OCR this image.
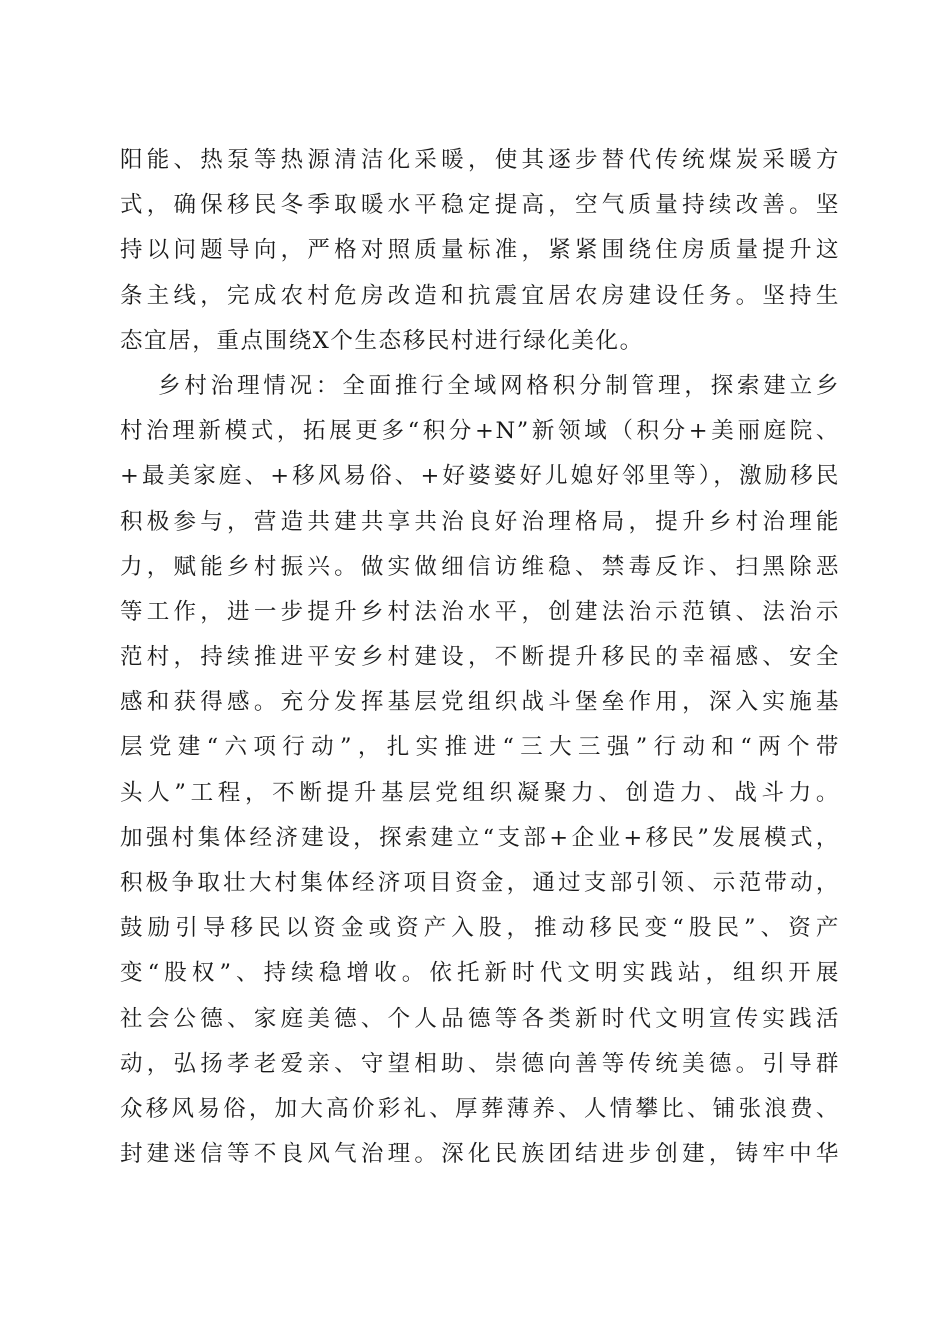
阳能、热泵等热源清洁化采暖，使其逐步替代传统煤炭采暖方
式，确保移民冬季取暖水平稳定提高，空气质量持续改善。坚
持以问题导向，严格对照质量标准，紧紧围绕住房质量提升这
条主线，完成农村危房改造和抗震宜居农房建设任务。坚持生
态宜居，重点围绕X个生态移民村进行绿化美化。
乡村治理情况：全面推行全域网格积分制管理，探索建立乡
村治理新模式，拓展更多“积分+N”新领域（积分+美丽庭院、
+最美家庭、+移风易俗、+好婆婆好儿媳好邻里等），激励移民
积极参与，营造共建共享共治良好治理格局，提升乡村治理能
力，赋能乡村振兴。做实做细信访维稳、禁毒反诈、扫黑除恶
等工作，进一步提升乡村法治水平，创建法治示范镇、法治示
范村，持续推进平安乡村建设，不断提升移民的幸福感、安全
感和获得感。充分发挥基层党组织战斗堡垒作用，深入实施基
层党建“六项行动”，扎实推进“三大三强”行动和“两个带
头人”工程，不断提升基层党组织凝聚力、创造力、战斗力。
加强村集体经济建设，探索建立“支部+企业+移民”发展模式，
积极争取壮大村集体经济项目资金，通过支部引领、示范带动，
鼓励引导移民以资金或资产入股，推动移民变“股民”、资产
变“股权”、持续稳增收。依托新时代文明实践站，组织开展
社会公德、家庭美德、个人品德等各类新时代文明宣传实践活
动，弘扬孝老爱亲、守望相助、崇德向善等传统美德。引导群
众移风易俗，加大高价彩礼、厚葬薄养、人情攀比、铺张浪费、
封建迷信等不良风气治理。深化民族团结进步创建，铸牢中华
